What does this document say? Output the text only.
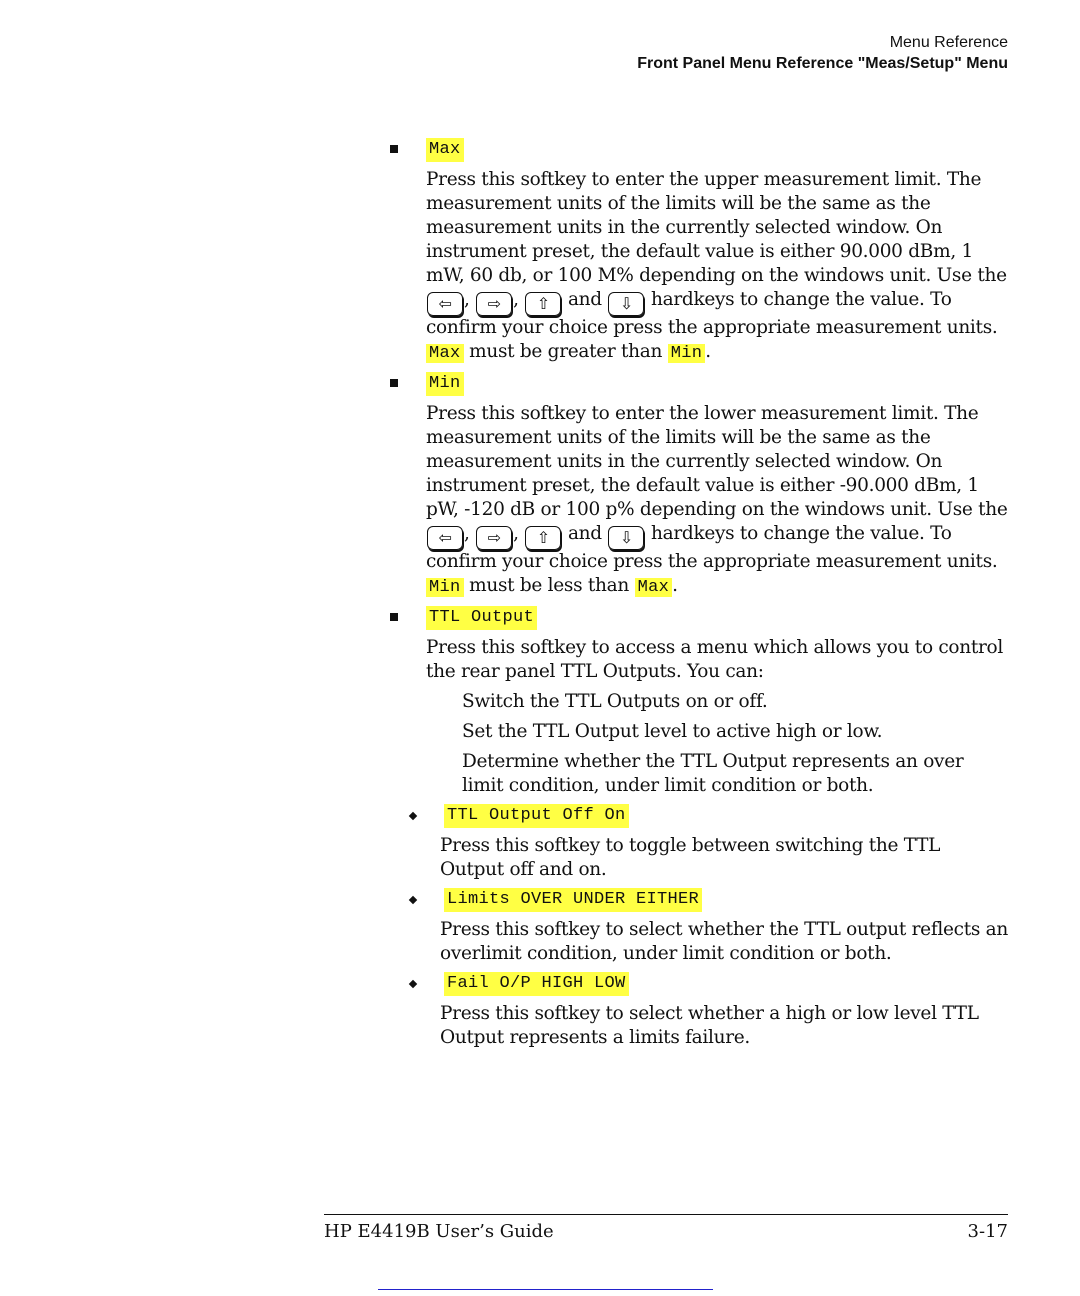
Menu Reference
Front Panel Menu Reference "Meas/Setup" Menu
Max
Press this softkey to enter the upper measurement limit. The measurement units of the limits will be the same as the measurement units in the currently selected window. On instrument preset, the default value is either 90.000 dBm, 1 mW, 60 db, or 100 M% depending on the windows unit. Use the ⇦ , ⇨ , ⇧ and ⇩ hardkeys to change the value. To confirm your choice press the appropriate measurement units. Max must be greater than Min .
Min
Press this softkey to enter the lower measurement limit. The measurement units of the limits will be the same as the measurement units in the currently selected window. On instrument preset, the default value is either -90.000 dBm, 1 pW, -120 dB or 100 p% depending on the windows unit. Use the ⇦ , ⇨ , ⇧ and ⇩ hardkeys to change the value. To confirm your choice press the appropriate measurement units. Min must be less than Max .
TTL Output
Press this softkey to access a menu which allows you to control the rear panel TTL Outputs. You can:
Switch the TTL Outputs on or off.
Set the TTL Output level to active high or low.
Determine whether the TTL Output represents an over limit condition, under limit condition or both.
TTL Output Off On
Press this softkey to toggle between switching the TTL Output off and on.
Limits OVER UNDER EITHER
Press this softkey to select whether the TTL output reflects an overlimit condition, under limit condition or both.
Fail O/P HIGH LOW
Press this softkey to select whether a high or low level TTL Output represents a limits failure.
HP E4419B User’s Guide	3-17
